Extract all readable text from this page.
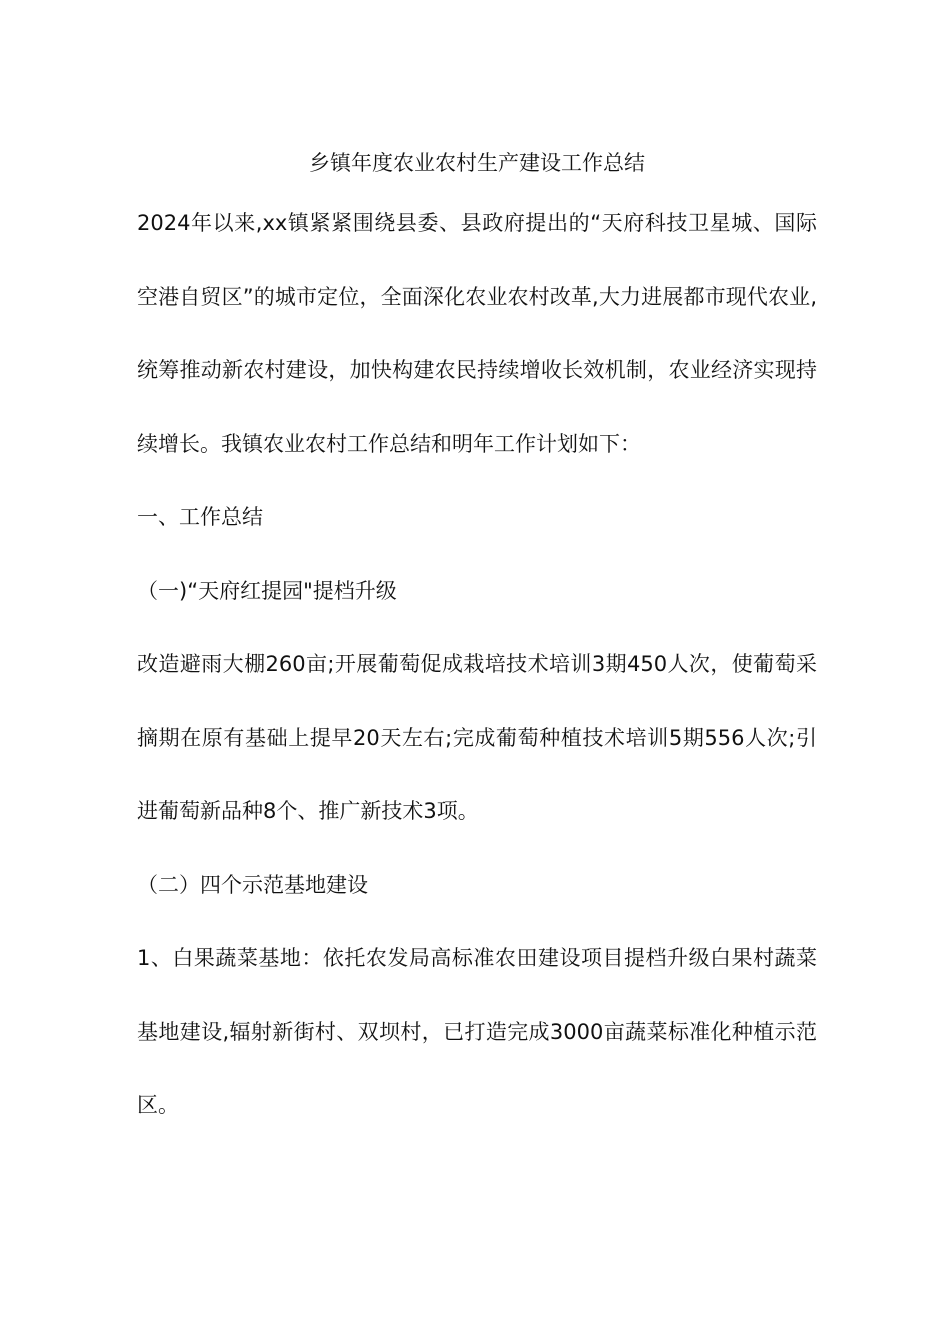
乡镇年度农业农村生产建设工作总结

2024年以来,xx镇紧紧围绕县委、县政府提出的“天府科技卫星城、国际空港自贸区”的城市定位，全面深化农业农村改革,大力进展都市现代农业,统筹推动新农村建设，加快构建农民持续增收长效机制，农业经济实现持续增长。我镇农业农村工作总结和明年工作计划如下：

一、工作总结

（一)“天府红提园"提档升级

改造避雨大棚260亩;开展葡萄促成栽培技术培训3期450人次，使葡萄采摘期在原有基础上提早20天左右;完成葡萄种植技术培训5期556人次;引进葡萄新品种8个、推广新技术3项。

（二）四个示范基地建设

1、白果蔬菜基地：依托农发局高标准农田建设项目提档升级白果村蔬菜基地建设,辐射新街村、双坝村，已打造完成3000亩蔬菜标准化种植示范区。
